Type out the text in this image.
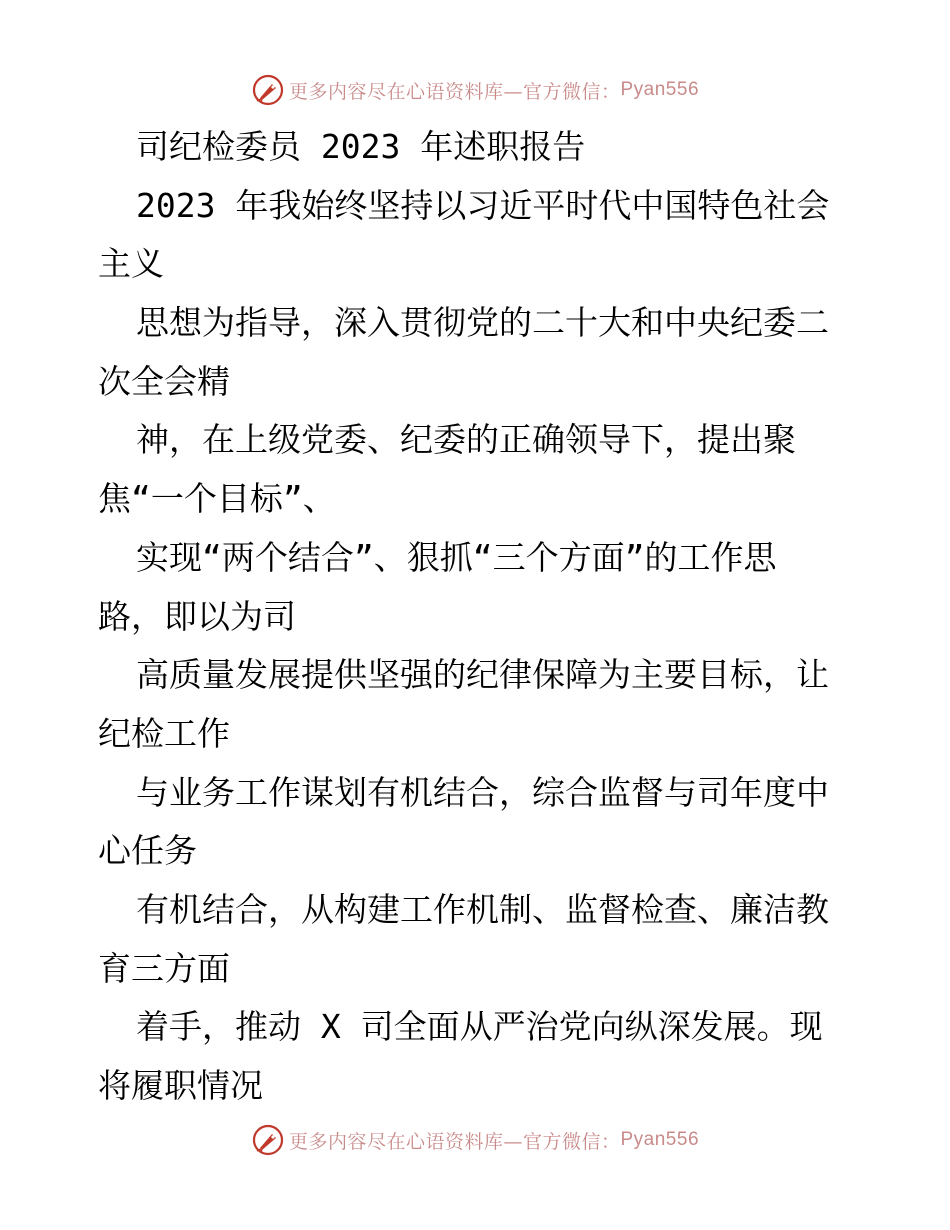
更多内容尽在心语资料库—官方微信： Pyan556
司纪检委员 2023 年述职报告
2023 年我始终坚持以习近平时代中国特色社会
主义
思想为指导，深入贯彻党的二十大和中央纪委二
次全会精
神，在上级党委、纪委的正确领导下，提出聚
焦“一个目标”、
实现“两个结合”、狠抓“三个方面”的工作思
路，即以为司
高质量发展提供坚强的纪律保障为主要目标，让
纪检工作
与业务工作谋划有机结合，综合监督与司年度中
心任务
有机结合，从构建工作机制、监督检查、廉洁教
育三方面
着手，推动 X 司全面从严治党向纵深发展。现
将履职情况
更多内容尽在心语资料库—官方微信： Pyan556
